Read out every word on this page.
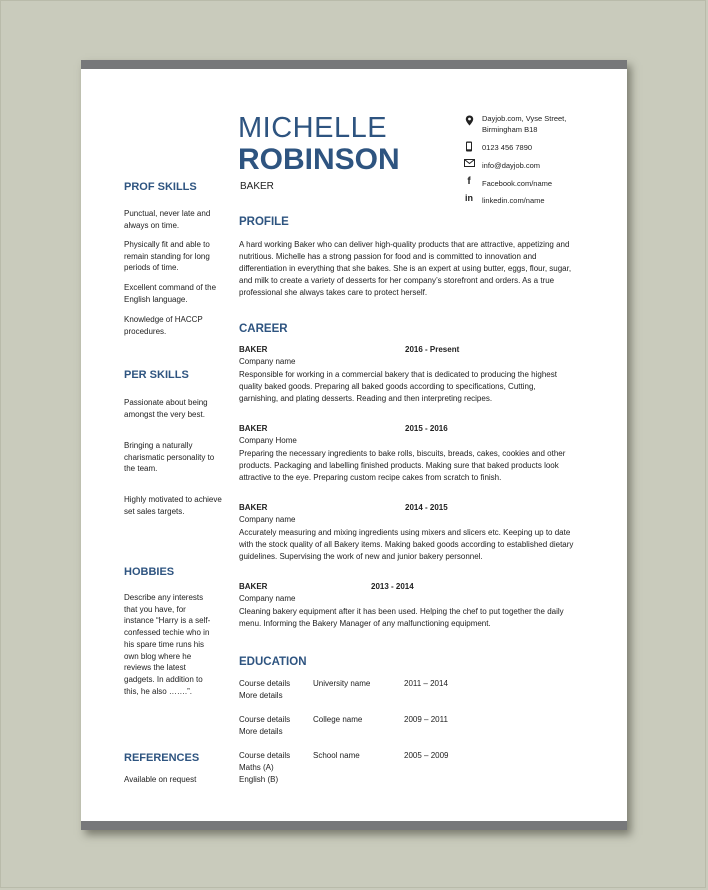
MICHELLE
ROBINSON
BAKER
Dayjob.com, Vyse Street,
Birmingham B18
0123 456 7890
info@dayjob.com
f	Facebook.com/name
in	linkedin.com/name
PROF SKILLS

Punctual, never late and always on time.

Physically fit and able to remain standing for long periods of time.

Excellent command of the English language.

Knowledge of HACCP procedures.

PER SKILLS

Passionate about being amongst the very best.

Bringing a naturally charismatic personality to the team.

Highly motivated to achieve set sales targets.

HOBBIES

Describe any interests that you have, for instance “Harry is a self-confessed techie who in his spare time runs his own blog where he reviews the latest gadgets. In addition to this, he also …….”.

REFERENCES

Available on request

PROFILE

A hard working Baker who can deliver high-quality products that are attractive, appetizing and nutritious. Michelle has a strong passion for food and is committed to innovation and differentiation in everything that she bakes. She is an expert at using butter, eggs, flour, sugar, and milk to create a variety of desserts for her company’s storefront and orders. As a true professional she always takes care to protect herself.

CAREER
BAKER	2016 - Present
Company name

Responsible for working in a commercial bakery that is dedicated to producing the highest quality baked goods. Preparing all baked goods according to specifications, Cutting, garnishing, and plating desserts. Reading and then interpreting recipes.

BAKER	2015 - 2016
Company Home

Preparing the necessary ingredients to bake rolls, biscuits, breads, cakes, cookies and other products. Packaging and labelling finished products. Making sure that baked products look attractive to the eye. Preparing custom recipe cakes from scratch to finish.

BAKER	2014 - 2015
Company name

Accurately measuring and mixing ingredients using mixers and slicers etc. Keeping up to date with the stock quality of all Bakery items. Making baked goods according to established dietary guidelines. Supervising the work of new and junior bakery personnel.

BAKER	2013 - 2014
Company name

Cleaning bakery equipment after it has been used. Helping the chef to put together the daily menu. Informing the Bakery Manager of any malfunctioning equipment.

EDUCATION
Course details	University name	2011 – 2014
More details
Course details	College name	2009 – 2011
More details
Course details	School name	2005 – 2009
Maths (A)
English (B)
